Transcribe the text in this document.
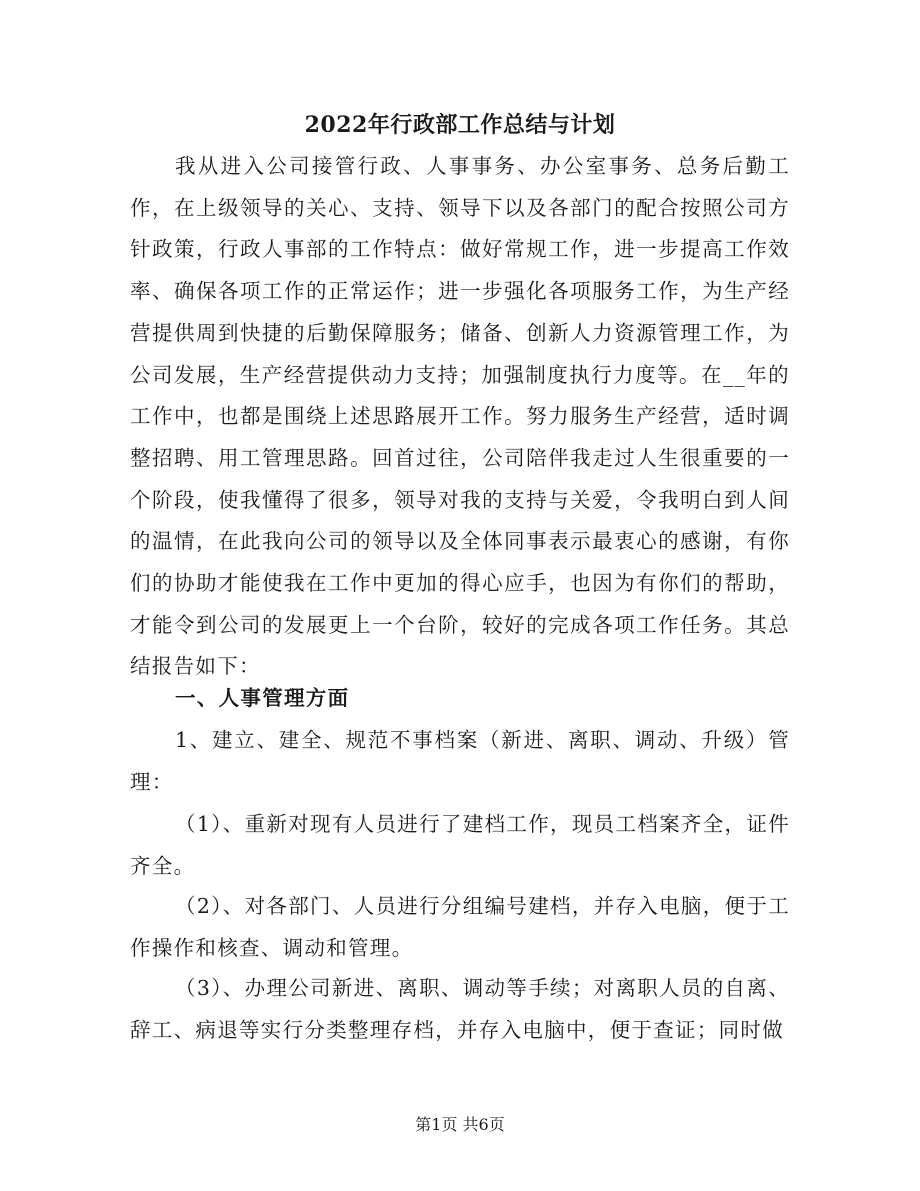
2022年行政部工作总结与计划

我从进入公司接管行政、人事事务、办公室事务、总务后勤工作，在上级领导的关心、支持、领导下以及各部门的配合按照公司方针政策，行政人事部的工作特点：做好常规工作，进一步提高工作效率、确保各项工作的正常运作；进一步强化各项服务工作，为生产经营提供周到快捷的后勤保障服务；储备、创新人力资源管理工作，为公司发展，生产经营提供动力支持；加强制度执行力度等。在__年的工作中，也都是围绕上述思路展开工作。努力服务生产经营，适时调整招聘、用工管理思路。回首过往，公司陪伴我走过人生很重要的一个阶段，使我懂得了很多，领导对我的支持与关爱，令我明白到人间的温情，在此我向公司的领导以及全体同事表示最衷心的感谢，有你们的协助才能使我在工作中更加的得心应手，也因为有你们的帮助，才能令到公司的发展更上一个台阶，较好的完成各项工作任务。其总结报告如下：

一、人事管理方面

1、建立、建全、规范不事档案（新进、离职、调动、升级）管理：

（1）、重新对现有人员进行了建档工作，现员工档案齐全，证件齐全。

（2）、对各部门、人员进行分组编号建档，并存入电脑，便于工作操作和核查、调动和管理。

（3）、办理公司新进、离职、调动等手续；对离职人员的自离、辞工、病退等实行分类整理存档，并存入电脑中，便于查证；同时做

第1页 共6页
